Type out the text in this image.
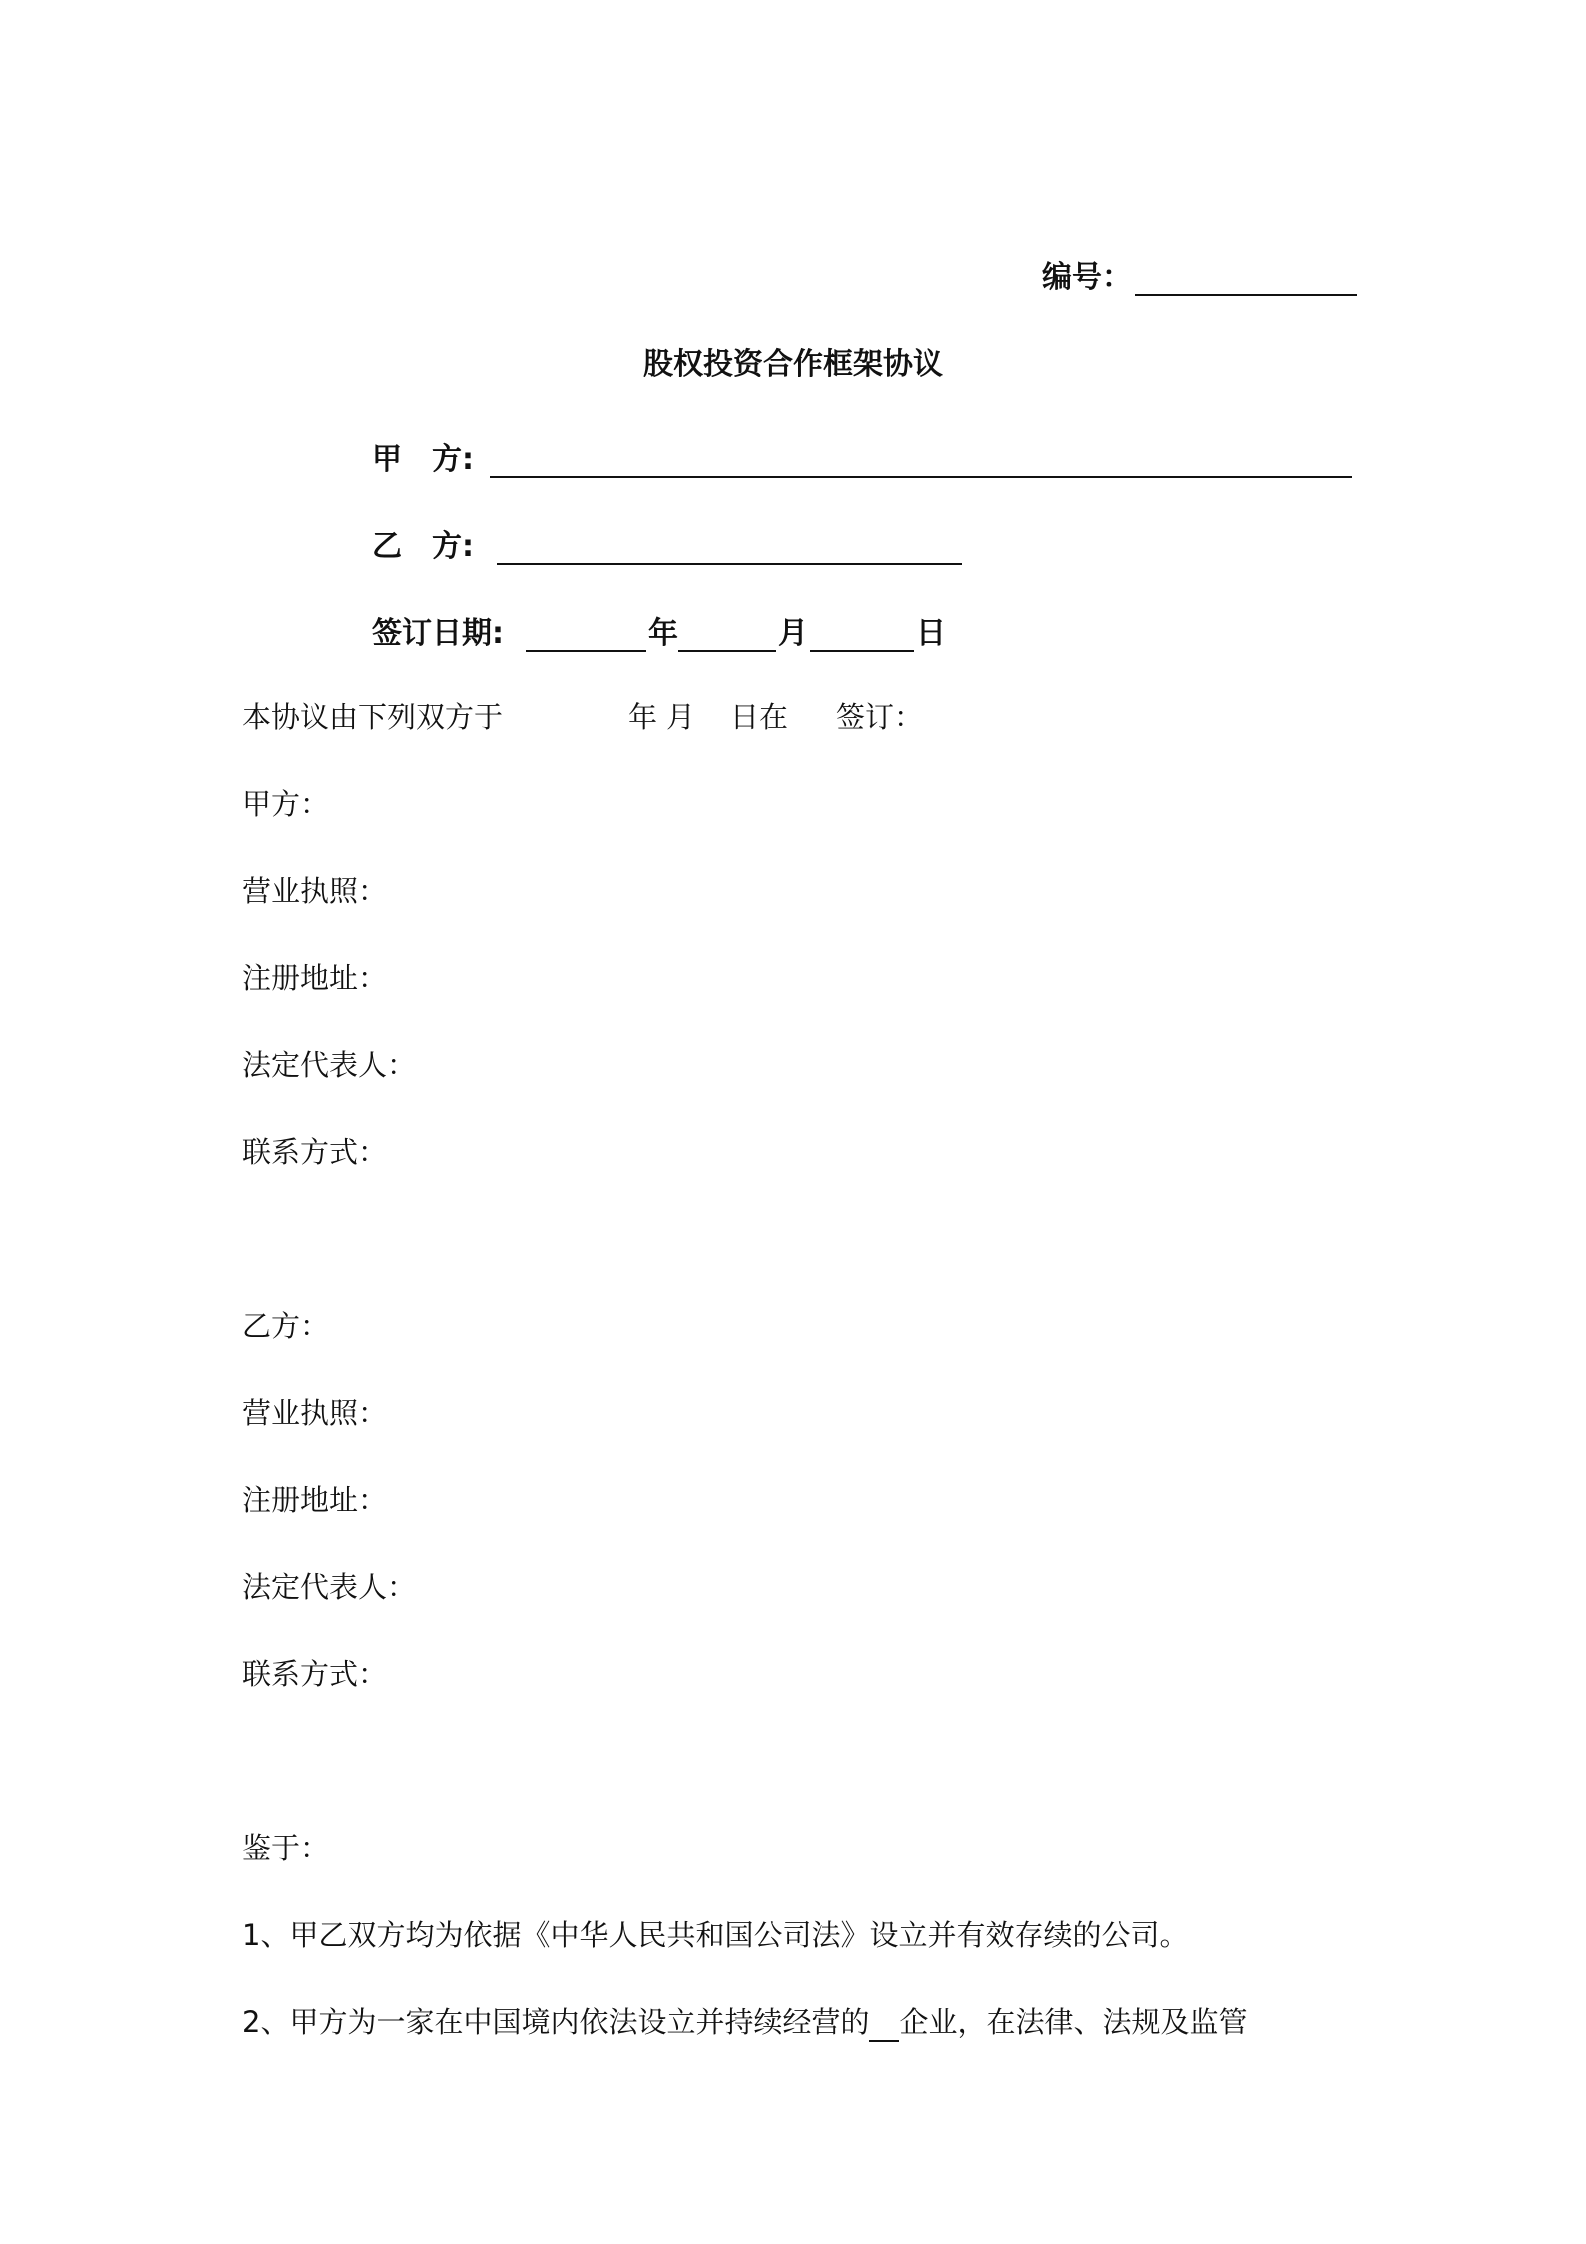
编号：
股权投资合作框架协议
甲　方:
乙　方:
签订日期:	年	月	日
本协议由下列双方于	年 月 日在 签订：
甲方：
营业执照：
注册地址：
法定代表人：
联系方式：
乙方：
营业执照：
注册地址：
法定代表人：
联系方式：
鉴于：
1、甲乙双方均为依据《中华人民共和国公司法》设立并有效存续的公司。
2、甲方为一家在中国境内依法设立并持续经营的 企业，在法律、法规及监管
